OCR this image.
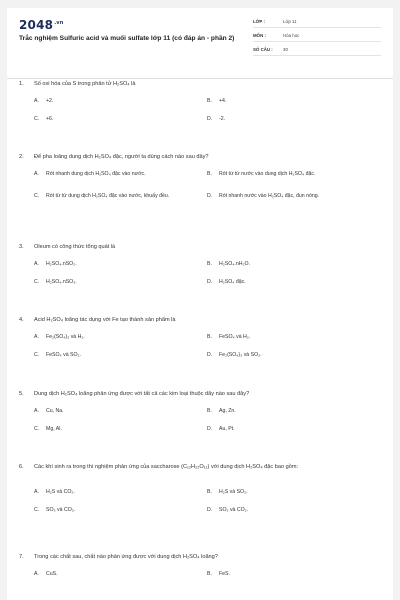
$2048^{.vn}$
Trắc nghiệm Sulfuric acid và muối sulfate lớp 11 (có đáp án - phần 2)
LỚP :	Lớp 11
MÔN :	Hóa học
SỐ CÂU :	30
1.	Số oxi hóa của S trong phân tử H₂SO₄ là
A.	+2.	B.	+4.
C.	+6.	D.	-2.
2.	Để pha loãng dung dịch H₂SO₄ đặc, người ta dùng cách nào sau đây?
A.	Rót nhanh dung dịch H₂SO₄ đặc vào nước.	B.	Rót từ từ nước vào dung dịch H₂SO₄ đặc.
C.	Rót từ từ dung dịch H₂SO₄ đặc vào nước, khuấy đều.	D.	Rót nhanh nước vào H₂SO₄ đặc, đun nóng.
3.	Oleum có công thức tổng quát là
A.	H₂SO₄.nSO₂.	B.	H₂SO₄.nH₂O.
C.	H₂SO₄.nSO₃.	D.	H₂SO₄ đặc.
4.	Acid H₂SO₄ loãng tác dụng với Fe tạo thành sản phẩm là
A.	Fe₂(SO₄)₃ và H₂.	B.	FeSO₄ và H₂.
C.	FeSO₄ và SO₂.	D.	Fe₂(SO₄)₃ và SO₂.
5.	Dung dịch H₂SO₄ loãng phản ứng được với tất cả các kim loại thuộc dãy nào sau đây?
A.	Cu, Na.	B.	Ag, Zn.
C.	Mg, Al.	D.	Au, Pt.
6.	Các khí sinh ra trong thí nghiệm phản ứng của saccharose (C₁₂H₂₂O₁₁) với dung dịch H₂SO₄ đặc bao gồm:
A.	H₂S và CO₂.	B.	H₂S và SO₂.
C.	SO₃ và CO₂.	D.	SO₂ và CO₂.
7.	Trong các chất sau, chất nào phản ứng được với dung dịch H₂SO₄ loãng?
A.	CuS.	B.	FeS.
